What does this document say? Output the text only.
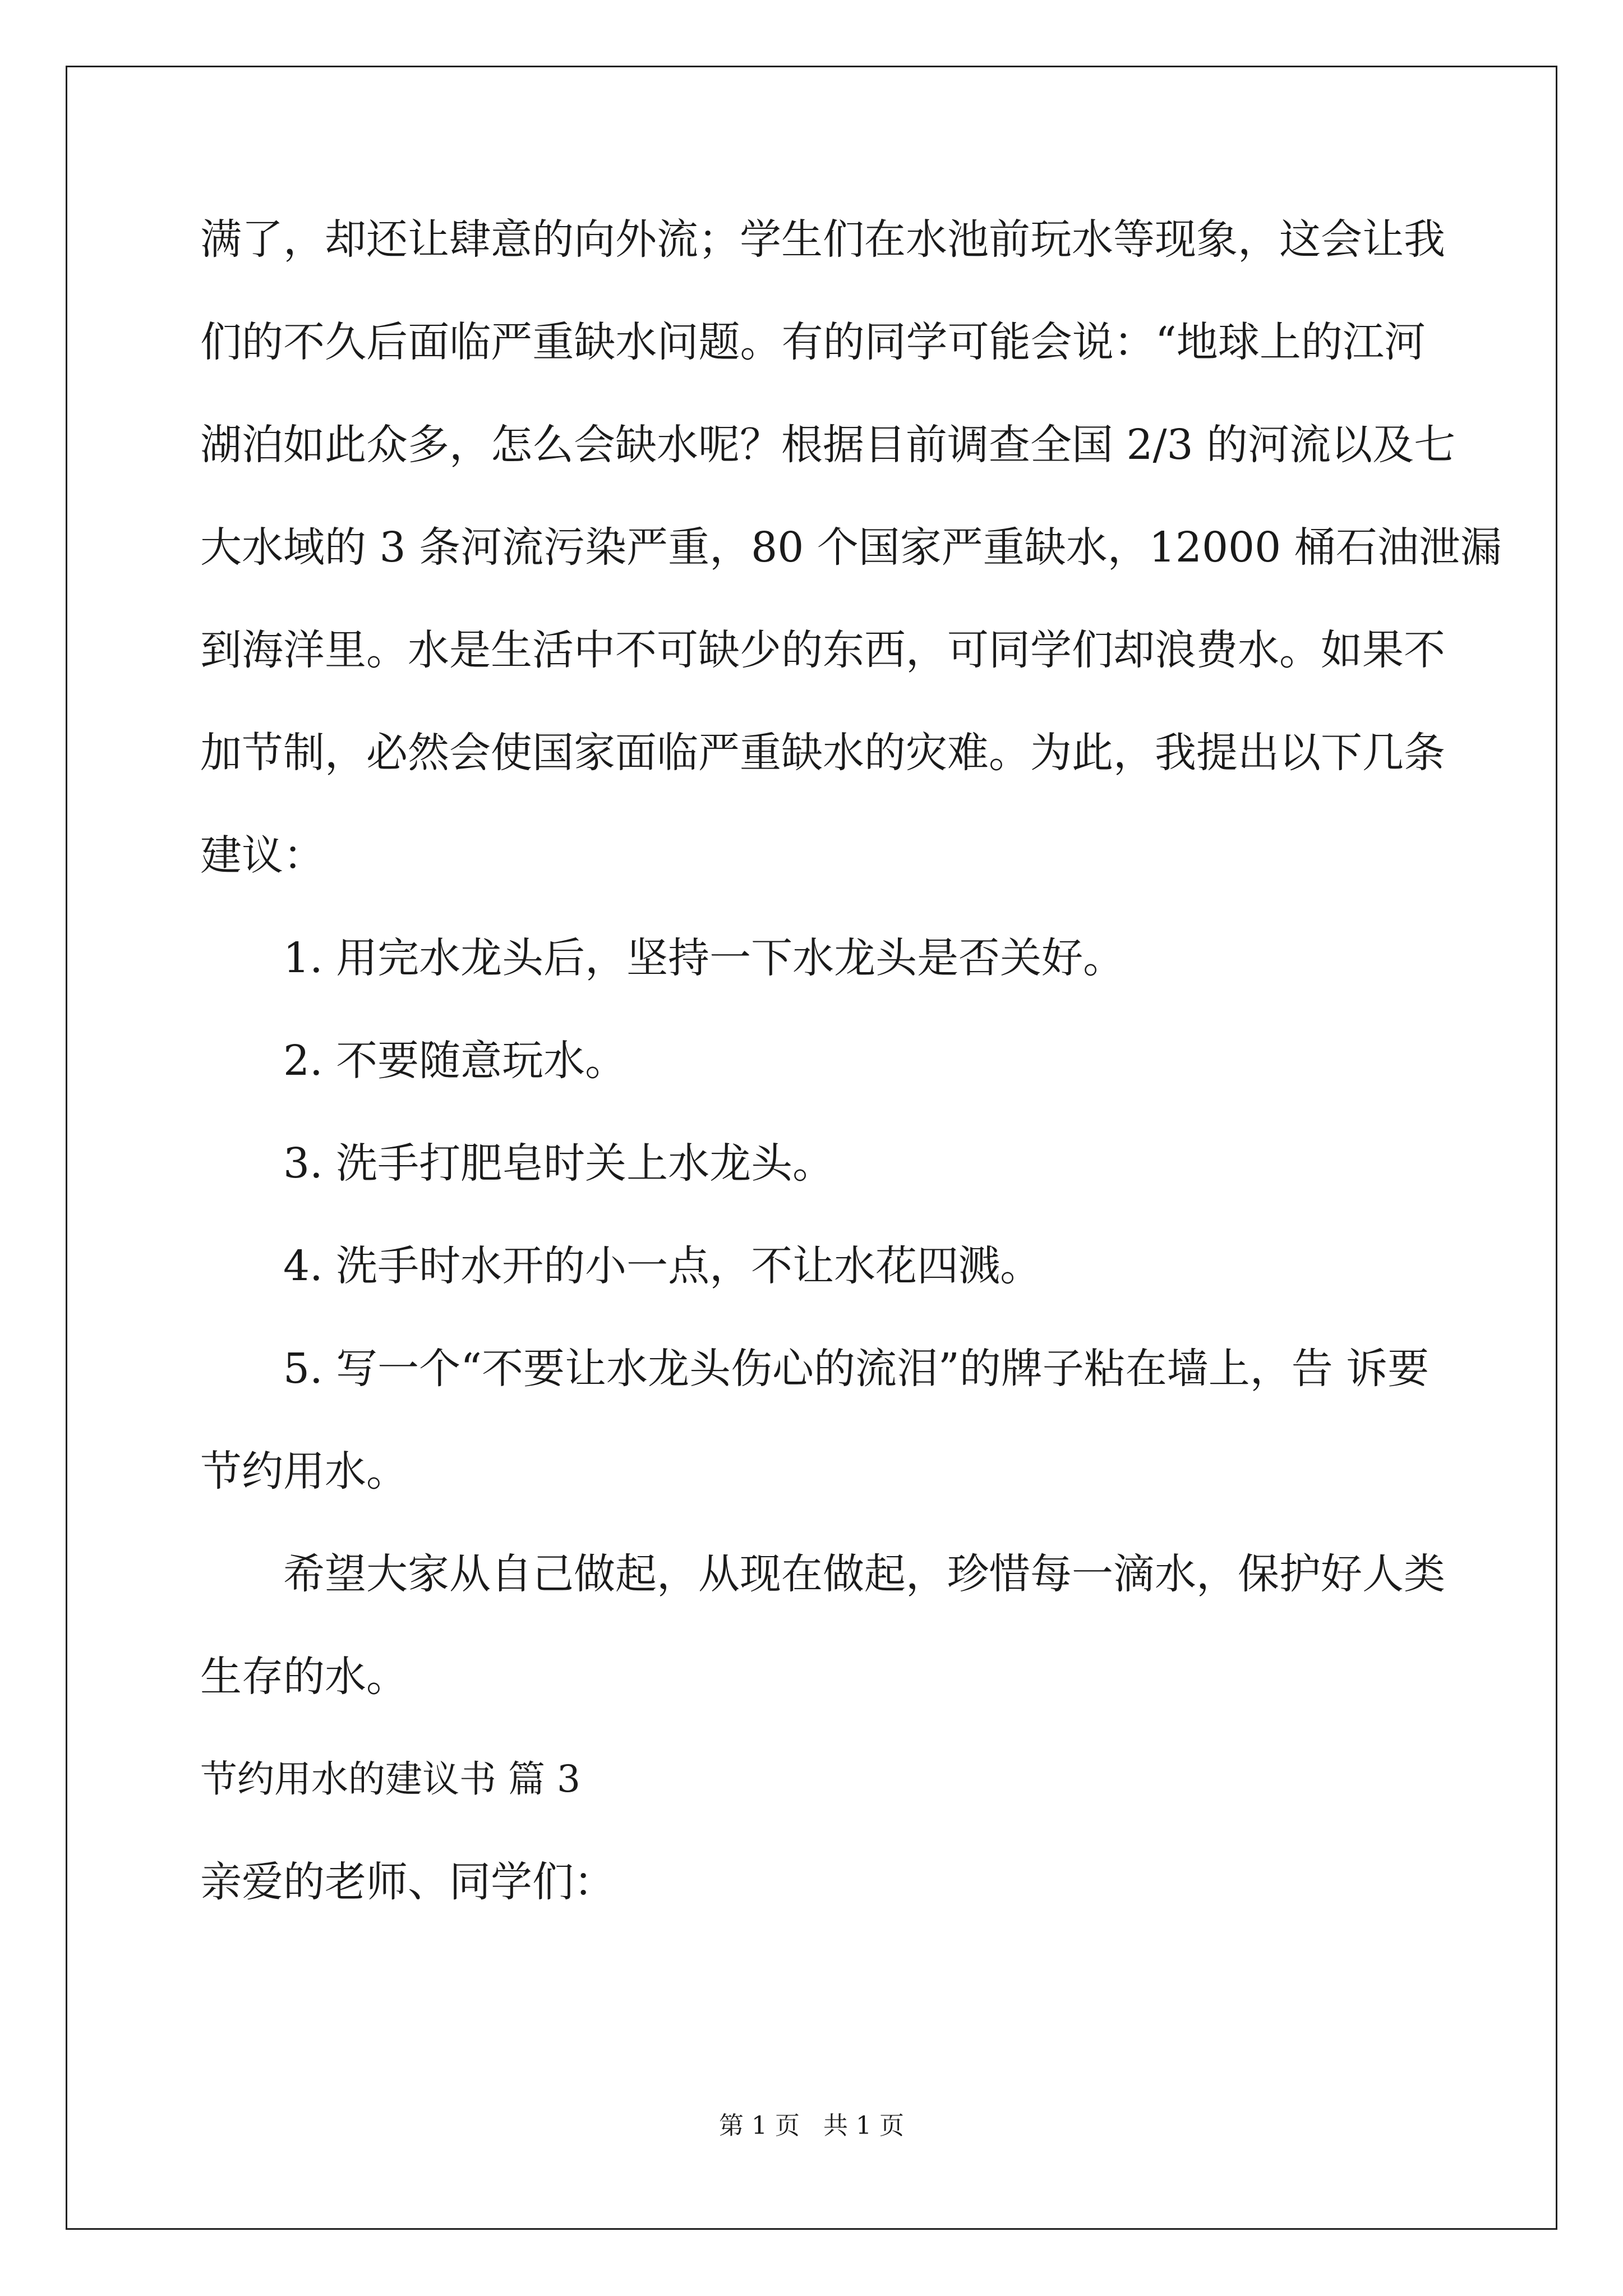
满了，却还让肆意的向外流；学生们在水池前玩水等现象，这会让我
们的不久后面临严重缺水问题。有的同学可能会说：“地球上的江河
湖泊如此众多，怎么会缺水呢？根据目前调查全国 2/3 的河流以及七
大水域的 3 条河流污染严重，80 个国家严重缺水，12000 桶石油泄漏
到海洋里。水是生活中不可缺少的东西，可同学们却浪费水。如果不
加节制，必然会使国家面临严重缺水的灾难。为此，我提出以下几条
建议：
1. 用完水龙头后，坚持一下水龙头是否关好。
2. 不要随意玩水。
3. 洗手打肥皂时关上水龙头。
4. 洗手时水开的小一点，不让水花四溅。
5. 写一个“不要让水龙头伤心的流泪”的牌子粘在墙上，告 诉要
节约用水。
希望大家从自己做起，从现在做起，珍惜每一滴水，保护好人类
生存的水。
节约用水的建议书 篇 3
亲爱的老师、同学们：
第 1 页   共 1 页
